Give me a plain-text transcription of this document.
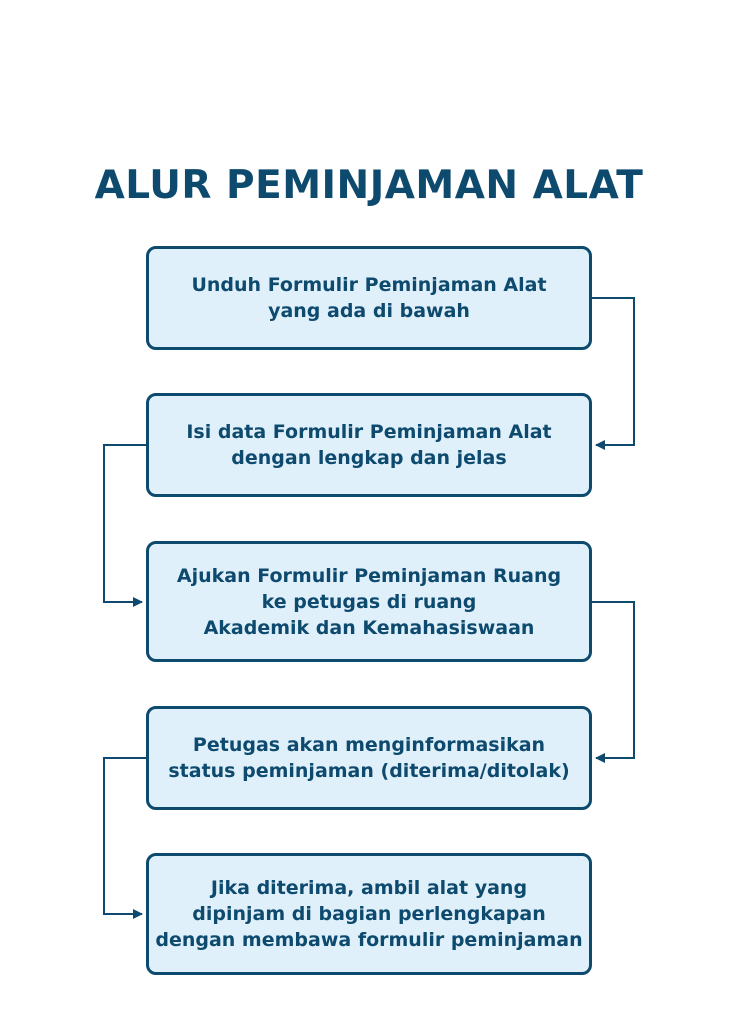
ALUR PEMINJAMAN ALAT
Unduh Formulir Peminjaman Alat
yang ada di bawah
Isi data Formulir Peminjaman Alat
dengan lengkap dan jelas
Ajukan Formulir Peminjaman Ruang
ke petugas di ruang
Akademik dan Kemahasiswaan
Petugas akan menginformasikan
status peminjaman (diterima/ditolak)
Jika diterima, ambil alat yang
dipinjam di bagian perlengkapan
dengan membawa formulir peminjaman
